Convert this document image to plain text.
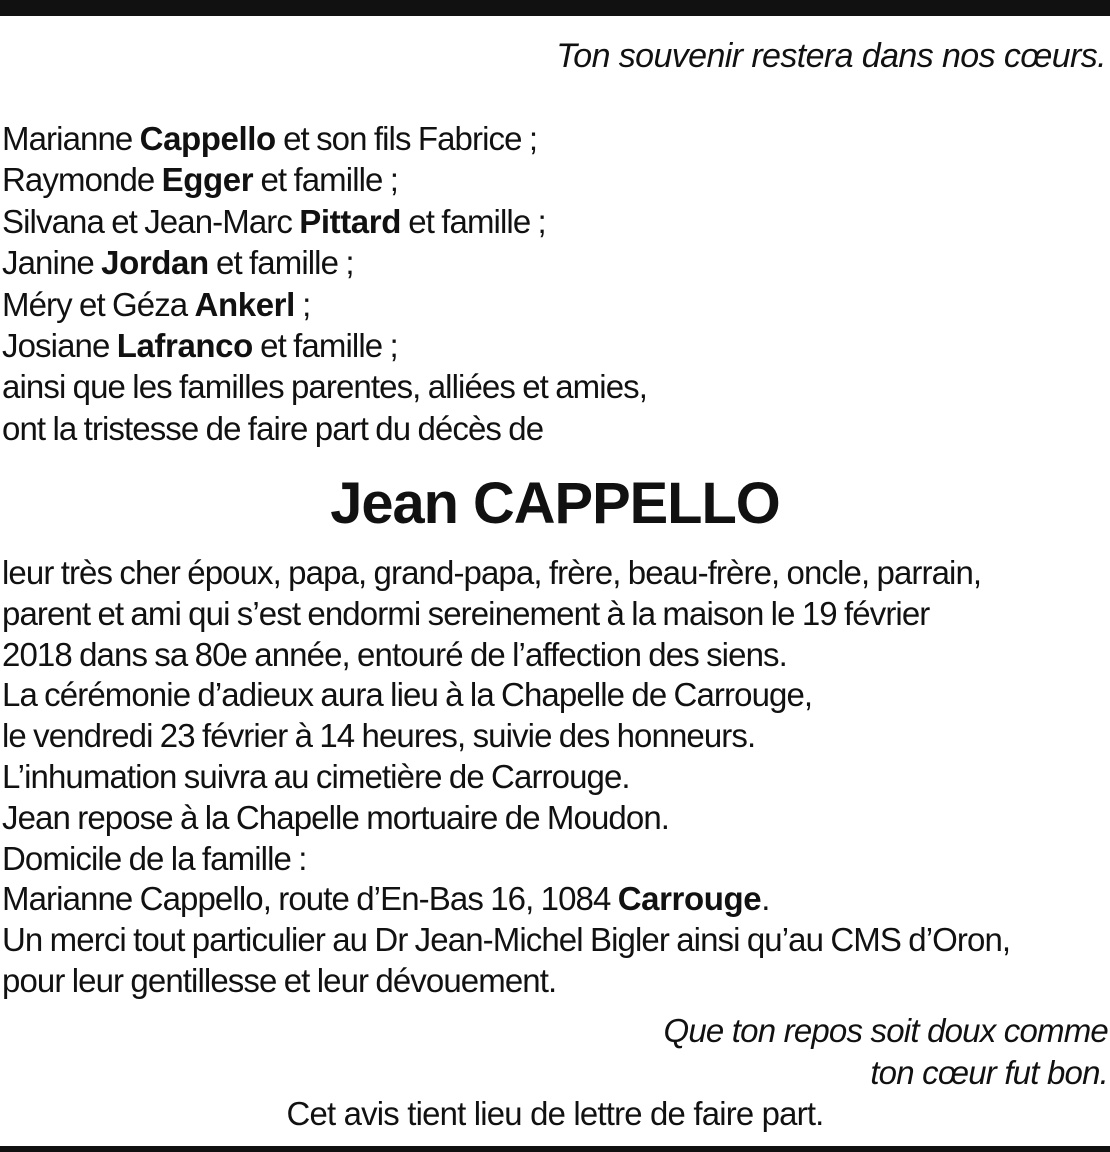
Ton souvenir restera dans nos cœurs.
Marianne Cappello et son fils Fabrice ;
Raymonde Egger et famille ;
Silvana et Jean-Marc Pittard et famille ;
Janine Jordan et famille ;
Méry et Géza Ankerl ;
Josiane Lafranco et famille ;
ainsi que les familles parentes, alliées et amies,
ont la tristesse de faire part du décès de
Jean CAPPELLO
leur très cher époux, papa, grand-papa, frère, beau-frère, oncle, parrain,
parent et ami qui s’est endormi sereinement à la maison le 19 février
2018 dans sa 80e année, entouré de l’affection des siens.
La cérémonie d’adieux aura lieu à la Chapelle de Carrouge,
le vendredi 23 février à 14 heures, suivie des honneurs.
L’inhumation suivra au cimetière de Carrouge.
Jean repose à la Chapelle mortuaire de Moudon.
Domicile de la famille :
Marianne Cappello, route d’En-Bas 16, 1084 Carrouge.
Un merci tout particulier au Dr Jean-Michel Bigler ainsi qu’au CMS d’Oron,
pour leur gentillesse et leur dévouement.
Que ton repos soit doux comme
ton cœur fut bon.
Cet avis tient lieu de lettre de faire part.
